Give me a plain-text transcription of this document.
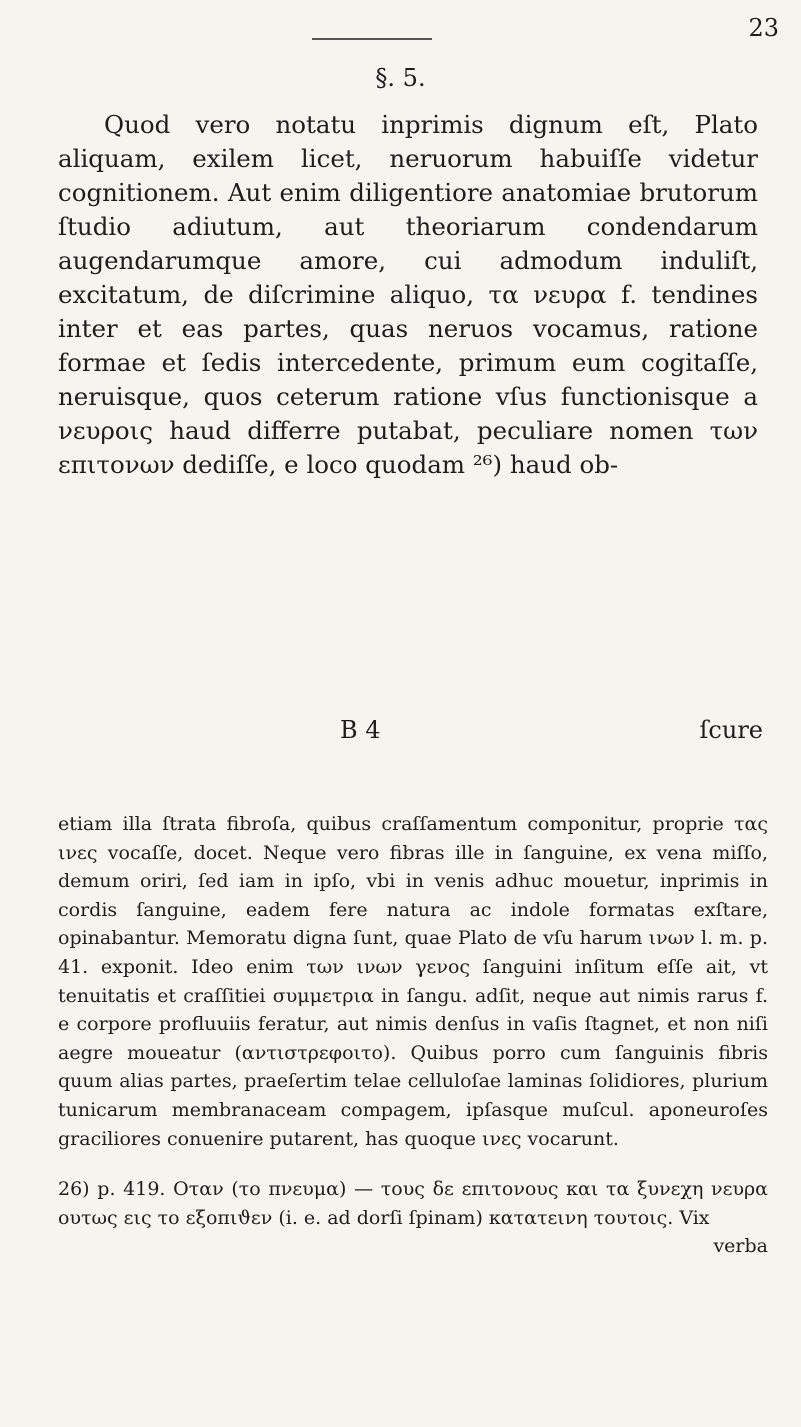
23
§. 5.

Quod vero notatu inprimis dignum eſt, Plato aliquam, exilem licet, neruorum habuiſſe videtur cognitionem. Aut enim diligentiore anatomiae brutorum ſtudio adiutum, aut theoriarum condendarum augendarumque amore, cui admodum induliſt, excitatum, de diſcrimine aliquo, τα νευρα f. tendines inter et eas partes, quas neruos vocamus, ratione formae et ſedis intercedente, primum eum cogitaſſe, neruisque, quos ceterum ratione vſus functionisque a νευροις haud differre putabat, peculiare nomen των επιτονων dediſſe, e loco quodam ²⁶) haud ob-

B 4	ſcure

etiam illa ſtrata fibroſa, quibus craſſamentum componitur, proprie τας ινες vocaſſe, docet. Neque vero fibras ille in ſanguine, ex vena miſſo, demum oriri, ſed iam in ipſo, vbi in venis adhuc mouetur, inprimis in cordis ſanguine, eadem fere natura ac indole formatas exſtare, opinabantur. Memoratu digna ſunt, quae Plato de vſu harum ινων l. m. p. 41. exponit. Ideo enim των ινων γενος ſanguini inſitum eſſe ait, vt tenuitatis et craſſitiei συμμετρια in ſangu. adſit, neque aut nimis rarus f. e corpore profluuiis feratur, aut nimis denſus in vaſis ſtagnet, et non niſi aegre moueatur (αντιστρεφοιτο). Quibus porro cum ſanguinis fibris quum alias partes, praeſertim telae celluloſae laminas ſolidiores, plurium tunicarum membranaceam compagem, ipſasque muſcul. aponeuroſes graciliores conuenire putarent, has quoque ινες vocarunt.

26) p. 419. Οταν (το πνευμα) — τους δε επιτονους και τα ξυνεχη νευρα ουτως εις το εξοπιϑεν (i. e. ad dorſi ſpinam) κατατεινη τουτοις. Vix

verba
